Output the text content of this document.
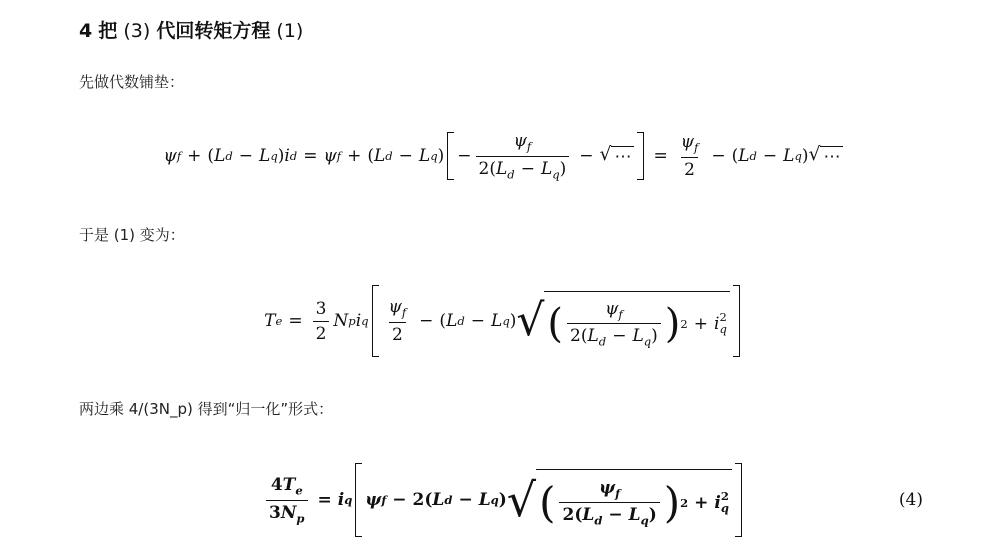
4 把 (3) 代回转矩方程 (1)
先做代数铺垫：
ψ f + ( L d − L q ) i d = ψ f + ( L d − L q ) − $\frac{\psi_f}{2(L_d - L_q)}$ − √ ⋯ = $\frac{\psi_f}{2}$ − ( L d − L q ) √ ⋯
于是 (1) 变为：
T $e = \frac{3}{2}$ N p i q $\frac{\psi_f}{2}$ − ( L d − L q ) √ ( $\frac{\psi_f}{2(L_d - L_q)}$ ) 2 + i 2
q
两边乘 4/(3N_p) 得到“归一化”形式：
$\frac{4T_e}{3N_p} = i$ q ψ f −
2 ( L d − L q ) √ ( $\frac{\psi_f}{2(L_d - L_q)}$ ) 2 + i 2
q	(4)
